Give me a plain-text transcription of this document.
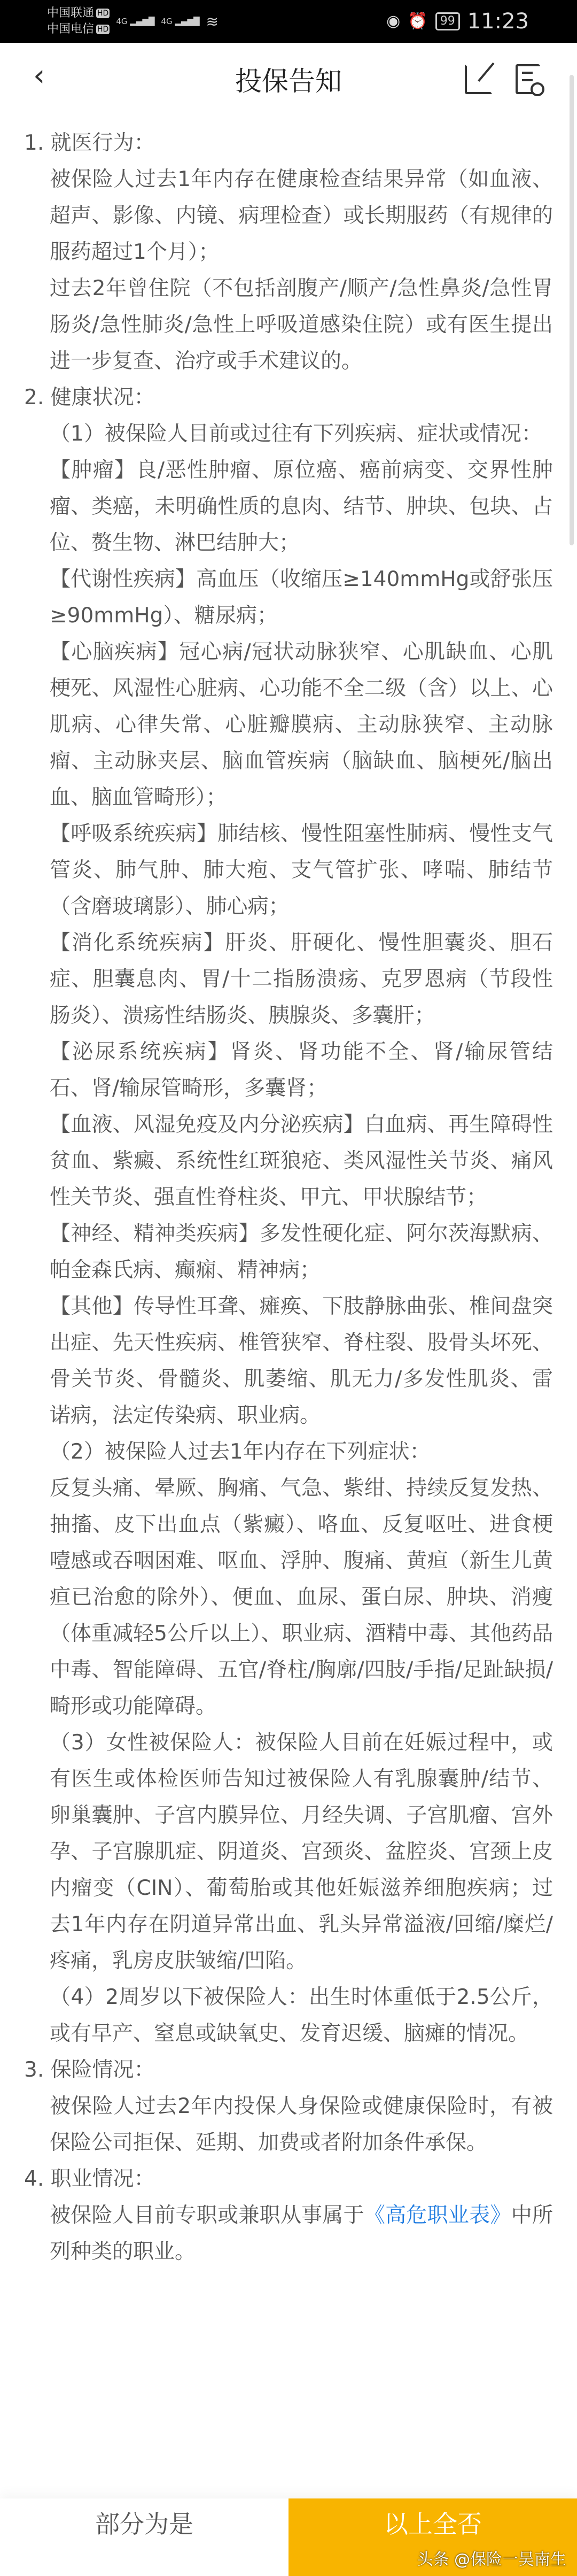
中国联通 HD
中国电信 HD
4G ▂▄▆█ 4G ▂▄▆█ ≋	◉ ⏰	99 11:23
‹	投保告知
1. 就医行为：
被保险人过去1年内存在健康检查结果异常（如血液、超声、影像、内镜、病理检查）或长期服药（有规律的服药超过1个月）；
过去2年曾住院（不包括剖腹产/顺产/急性鼻炎/急性胃肠炎/急性肺炎/急性上呼吸道感染住院）或有医生提出进一步复查、治疗或手术建议的。
2. 健康状况：
（1）被保险人目前或过往有下列疾病、症状或情况：
【肿瘤】良/恶性肿瘤、原位癌、癌前病变、交界性肿瘤、类癌，未明确性质的息肉、结节、肿块、包块、占位、赘生物、淋巴结肿大；
【代谢性疾病】高血压（收缩压≥140mmHg或舒张压≥90mmHg）、糖尿病；
【心脑疾病】冠心病/冠状动脉狭窄、心肌缺血、心肌梗死、风湿性心脏病、心功能不全二级（含）以上、心肌病、心律失常、心脏瓣膜病、主动脉狭窄、主动脉瘤、主动脉夹层、脑血管疾病（脑缺血、脑梗死/脑出血、脑血管畸形）；
【呼吸系统疾病】肺结核、慢性阻塞性肺病、慢性支气管炎、肺气肿、肺大疱、支气管扩张、哮喘、肺结节（含磨玻璃影）、肺心病；
【消化系统疾病】肝炎、肝硬化、慢性胆囊炎、胆石症、胆囊息肉、胃/十二指肠溃疡、克罗恩病（节段性肠炎）、溃疡性结肠炎、胰腺炎、多囊肝；
【泌尿系统疾病】肾炎、肾功能不全、肾/输尿管结石、肾/输尿管畸形，多囊肾；
【血液、风湿免疫及内分泌疾病】白血病、再生障碍性贫血、紫癜、系统性红斑狼疮、类风湿性关节炎、痛风性关节炎、强直性脊柱炎、甲亢、甲状腺结节；
【神经、精神类疾病】多发性硬化症、阿尔茨海默病、帕金森氏病、癫痫、精神病；
【其他】传导性耳聋、瘫痪、下肢静脉曲张、椎间盘突出症、先天性疾病、椎管狭窄、脊柱裂、股骨头坏死、骨关节炎、骨髓炎、肌萎缩、肌无力/多发性肌炎、雷诺病，法定传染病、职业病。
（2）被保险人过去1年内存在下列症状：
反复头痛、晕厥、胸痛、气急、紫绀、持续反复发热、抽搐、皮下出血点（紫癜）、咯血、反复呕吐、进食梗噎感或吞咽困难、呕血、浮肿、腹痛、黄疸（新生儿黄疸已治愈的除外）、便血、血尿、蛋白尿、肿块、消瘦（体重减轻5公斤以上）、职业病、酒精中毒、其他药品中毒、智能障碍、五官/脊柱/胸廓/四肢/手指/足趾缺损/畸形或功能障碍。
（3）女性被保险人：被保险人目前在妊娠过程中，或有医生或体检医师告知过被保险人有乳腺囊肿/结节、卵巢囊肿、子宫内膜异位、月经失调、子宫肌瘤、宫外孕、子宫腺肌症、阴道炎、宫颈炎、盆腔炎、宫颈上皮内瘤变（CIN）、葡萄胎或其他妊娠滋养细胞疾病；过去1年内存在阴道异常出血、乳头异常溢液/回缩/糜烂/疼痛，乳房皮肤皱缩/凹陷。
（4）2周岁以下被保险人：出生时体重低于2.5公斤，或有早产、窒息或缺氧史、发育迟缓、脑瘫的情况。
3. 保险情况：
被保险人过去2年内投保人身保险或健康保险时，有被保险公司拒保、延期、加费或者附加条件承保。
4. 职业情况：
被保险人目前专职或兼职从事属于《高危职业表》中所列种类的职业。
部分为是	以上全否
头条 @保险一吴南生
